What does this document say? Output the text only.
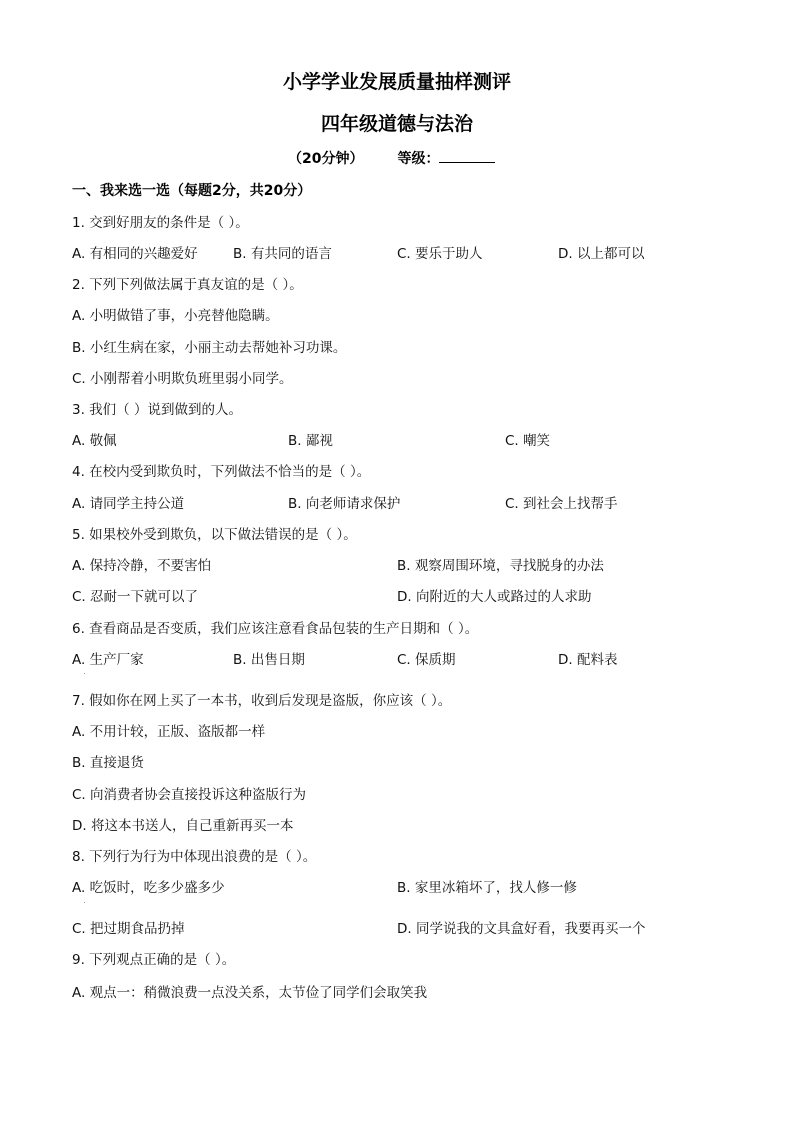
小学学业发展质量抽样测评
四年级道德与法治
（20分钟） 等级：
一、我来选一选（每题2分，共20分）
1. 交到好朋友的条件是（ ）。
A. 有相同的兴趣爱好	B. 有共同的语言	C. 要乐于助人	D. 以上都可以
2. 下列下列做法属于真友谊的是（ ）。
A. 小明做错了事，小亮替他隐瞒。
B. 小红生病在家，小丽主动去帮她补习功课。
C. 小刚帮着小明欺负班里弱小同学。
3. 我们（ ）说到做到的人。
A. 敬佩	B. 鄙视	C. 嘲笑
4. 在校内受到欺负时，下列做法不恰当的是（ ）。
A. 请同学主持公道	B. 向老师请求保护	C. 到社会上找帮手
5. 如果校外受到欺负，以下做法错误的是（ ）。
A. 保持冷静，不要害怕	B. 观察周围环境，寻找脱身的办法
C. 忍耐一下就可以了	D. 向附近的大人或路过的人求助
6. 查看商品是否变质，我们应该注意看食品包装的生产日期和（ ）。
A. 生产厂家	B. 出售日期	C. 保质期	D. 配料表
7. 假如你在网上买了一本书，收到后发现是盗版，你应该（ ）。
A. 不用计较，正版、盗版都一样
B. 直接退货
C. 向消费者协会直接投诉这种盗版行为
D. 将这本书送人，自己重新再买一本
8. 下列行为行为中体现出浪费的是（ ）。
A. 吃饭时，吃多少盛多少	B. 家里冰箱坏了，找人修一修
C. 把过期食品扔掉	D. 同学说我的文具盒好看，我要再买一个
9. 下列观点正确的是（ ）。
A. 观点一：稍微浪费一点没关系，太节俭了同学们会取笑我
